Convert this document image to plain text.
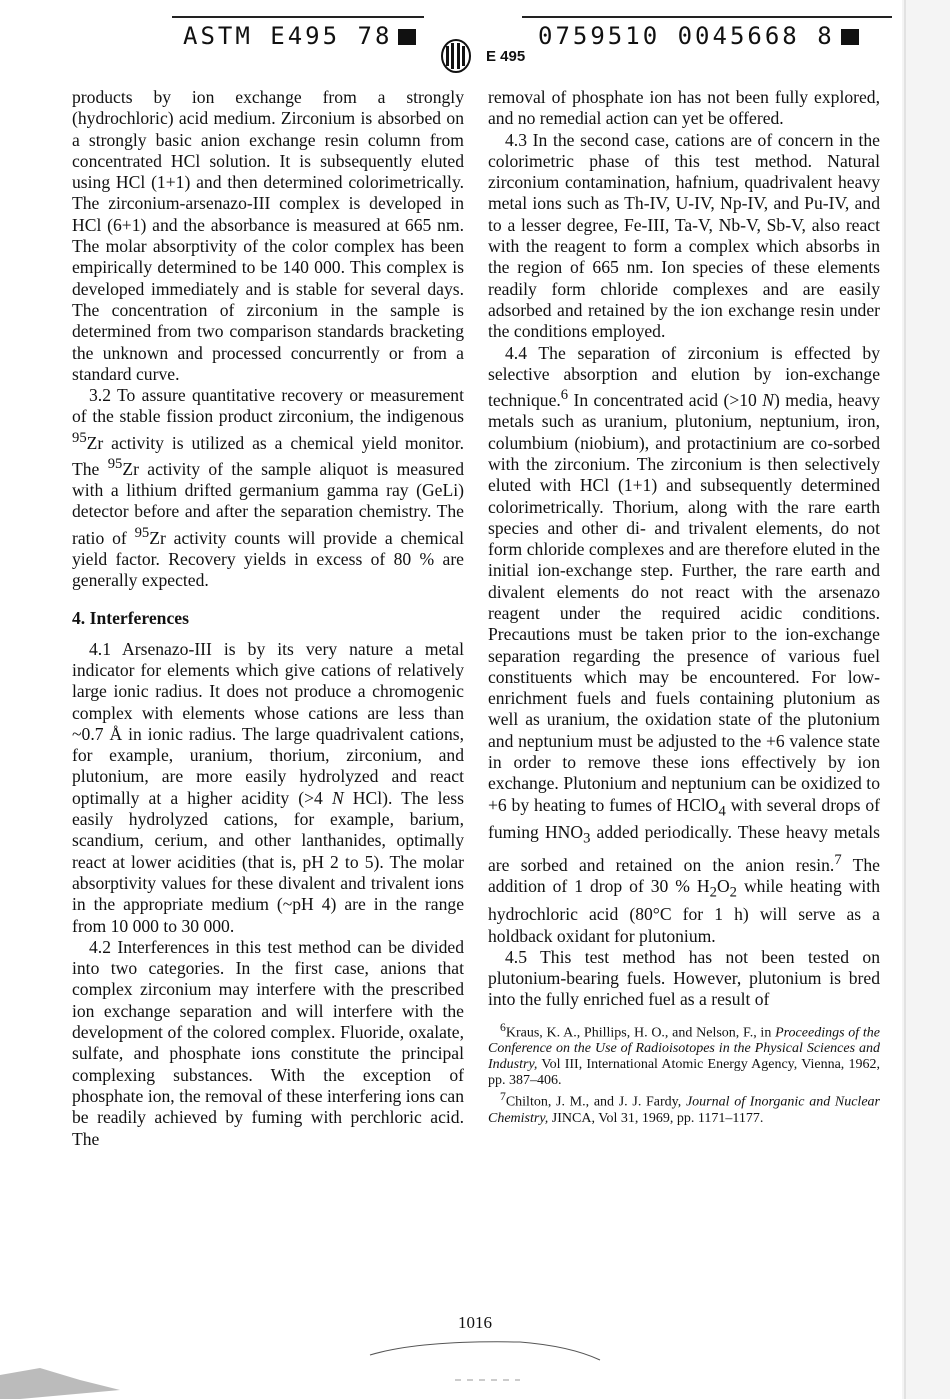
ASTM E495 78	0759510 0045668 8
E 495

products by ion exchange from a strongly (hydrochloric) acid medium. Zirconium is absorbed on a strongly basic anion exchange resin column from concentrated HCl solution. It is subsequently eluted using HCl (1+1) and then determined colorimetrically. The zirconium-arsenazo-III complex is developed in HCl (6+1) and the absorbance is measured at 665 nm. The molar absorptivity of the color complex has been empirically determined to be 140 000. This complex is developed immediately and is stable for several days. The concentration of zirconium in the sample is determined from two comparison standards bracketing the unknown and processed concurrently or from a standard curve.

3.2 To assure quantitative recovery or measurement of the stable fission product zirconium, the indigenous $^{95}$Zr activity is utilized as a chemical yield monitor. The $^{95}$Zr activity of the sample aliquot is measured with a lithium drifted germanium gamma ray (GeLi) detector before and after the separation chemistry. The ratio of $^{95}$Zr activity counts will provide a chemical yield factor. Recovery yields in excess of 80 % are generally expected.

4. Interferences

4.1 Arsenazo-III is by its very nature a metal indicator for elements which give cations of relatively large ionic radius. It does not produce a chromogenic complex with elements whose cations are less than ~0.7 Å in ionic radius. The large quadrivalent cations, for example, uranium, thorium, zirconium, and plutonium, are more easily hydrolyzed and react optimally at a higher acidity (>4 N HCl). The less easily hydrolyzed cations, for example, barium, scandium, cerium, and other lanthanides, optimally react at lower acidities (that is, pH 2 to 5). The molar absorptivity values for these divalent and trivalent ions in the appropriate medium (~pH 4) are in the range from 10 000 to 30 000.

4.2 Interferences in this test method can be divided into two categories. In the first case, anions that complex zirconium may interfere with the prescribed ion exchange separation and will interfere with the development of the colored complex. Fluoride, oxalate, sulfate, and phosphate ions constitute the principal complexing substances. With the exception of phosphate ion, the removal of these interfering ions can be readily achieved by fuming with perchloric acid. The

removal of phosphate ion has not been fully explored, and no remedial action can yet be offered.

4.3 In the second case, cations are of concern in the colorimetric phase of this test method. Natural zirconium contamination, hafnium, quadrivalent heavy metal ions such as Th-IV, U-IV, Np-IV, and Pu-IV, and to a lesser degree, Fe-III, Ta-V, Nb-V, Sb-V, also react with the reagent to form a complex which absorbs in the region of 665 nm. Ion species of these elements readily form chloride complexes and are easily adsorbed and retained by the ion exchange resin under the conditions employed.

4.4 The separation of zirconium is effected by selective absorption and elution by ion-exchange technique.$^6$ In concentrated acid (>10 N) media, heavy metals such as uranium, plutonium, neptunium, iron, columbium (niobium), and protactinium are co-sorbed with the zirconium. The zirconium is then selectively eluted with HCl (1+1) and subsequently determined colorimetrically. Thorium, along with the rare earth species and other di- and trivalent elements, do not form chloride complexes and are therefore eluted in the initial ion-exchange step. Further, the rare earth and divalent elements do not react with the arsenazo reagent under the required acidic conditions. Precautions must be taken prior to the ion-exchange separation regarding the presence of various fuel constituents which may be encountered. For low-enrichment fuels and fuels containing plutonium as well as uranium, the oxidation state of the plutonium and neptunium must be adjusted to the +6 valence state in order to remove these ions effectively by ion exchange. Plutonium and neptunium can be oxidized to +6 by heating to fumes of HClO$_4$ with several drops of fuming $HNO_3$ added periodically. These heavy metals are sorbed and retained on the anion resin.$^7$ The addition of 1 drop of 30 % $H_2O_2$ while heating with hydrochloric acid (80°C for 1 h) will serve as a holdback oxidant for plutonium.

4.5 This test method has not been tested on plutonium-bearing fuels. However, plutonium is bred into the fully enriched fuel as a result of

$^6$Kraus, K. A., Phillips, H. O., and Nelson, F., in Proceedings of the Conference on the Use of Radioisotopes in the Physical Sciences and Industry, Vol III, International Atomic Energy Agency, Vienna, 1962, pp. 387–406.

$^7$Chilton, J. M., and J. J. Fardy, Journal of Inorganic and Nuclear Chemistry, JINCA, Vol 31, 1969, pp. 1171–1177.

1016
